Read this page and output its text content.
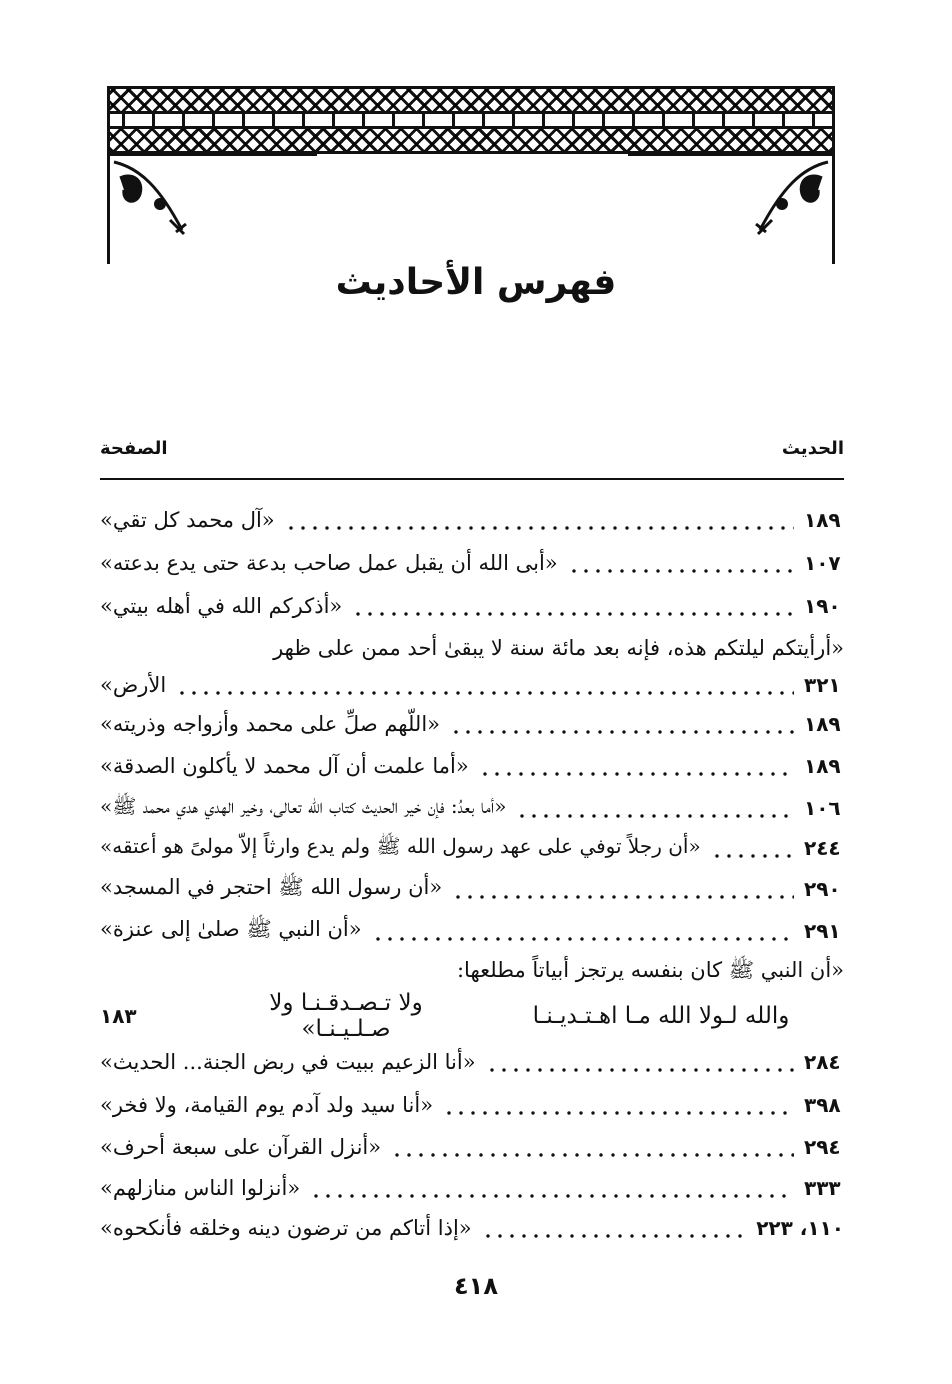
فهرس الأحاديث
الحديث
الصفحة
«آل محمد كل تقي»	١٨٩
«أبى الله أن يقبل عمل صاحب بدعة حتى يدع بدعته»	١٠٧
«أذكركم الله في أهله بيتي»	١٩٠
«أرأيتكم ليلتكم هذه، فإنه بعد مائة سنة لا يبقىٰ أحد ممن على ظهر
الأرض»	٣٢١
«اللّهم صلِّ على محمد وأزواجه وذريته»	١٨٩
«أما علمت أن آل محمد لا يأكلون الصدقة»	١٨٩
«أما بعدُ: فإن خير الحديث كتاب الله تعالى، وخير الهدي هدي محمد ﷺ»	١٠٦
«أن رجلاً توفي على عهد رسول الله ﷺ ولم يدع وارثاً إلاّ مولىً هو أعتقه»	٢٤٤
«أن رسول الله ﷺ احتجر في المسجد»	٢٩٠
«أن النبي ﷺ صلىٰ إلى عنزة»	٢٩١
«أن النبي ﷺ كان بنفسه يرتجز أبياتاً مطلعها:
١٨٣	ولا تـصـدقـنـا ولا صـلـيـنـا»	والله لـولا الله مـا اهـتـديـنـا
«أنا الزعيم ببيت في ربض الجنة... الحديث»	٢٨٤
«أنا سيد ولد آدم يوم القيامة، ولا فخر»	٣٩٨
«أنزل القرآن على سبعة أحرف»	٢٩٤
«أنزلوا الناس منازلهم»	٣٣٣
«إذا أتاكم من ترضون دينه وخلقه فأنكحوه»	١١٠، ٢٢٣
٤١٨
